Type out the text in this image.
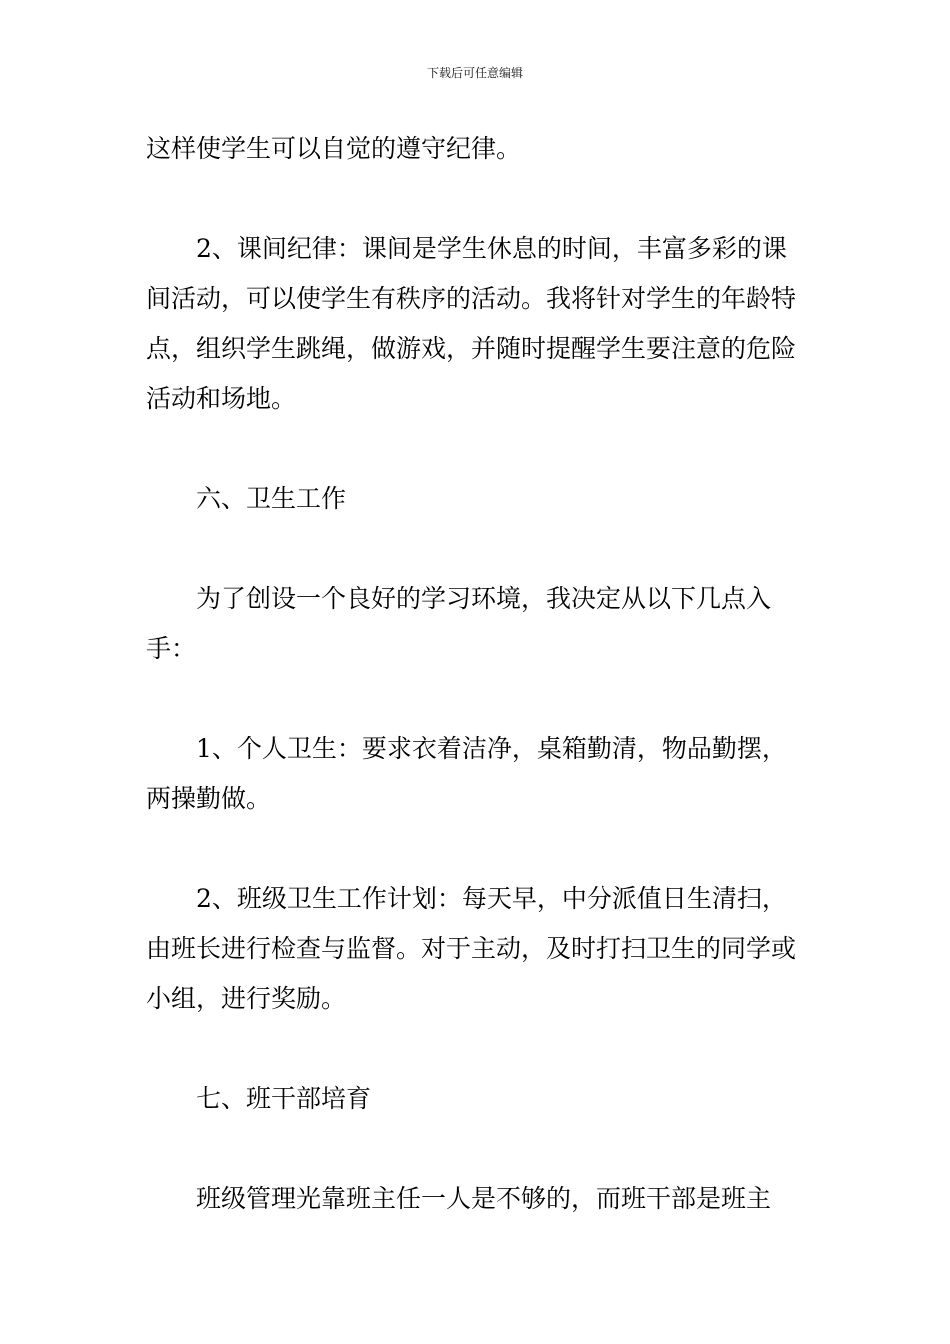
下载后可任意编辑

这样使学生可以自觉的遵守纪律。

2、课间纪律：课间是学生休息的时间，丰富多彩的课间活动，可以使学生有秩序的活动。我将针对学生的年龄特点，组织学生跳绳，做游戏，并随时提醒学生要注意的危险活动和场地。

六、卫生工作

为了创设一个良好的学习环境，我决定从以下几点入手：

1、个人卫生：要求衣着洁净，桌箱勤清，物品勤摆，两操勤做。

2、班级卫生工作计划：每天早，中分派值日生清扫，由班长进行检查与监督。对于主动，及时打扫卫生的同学或小组，进行奖励。

七、班干部培育

班级管理光靠班主任一人是不够的，而班干部是班主
